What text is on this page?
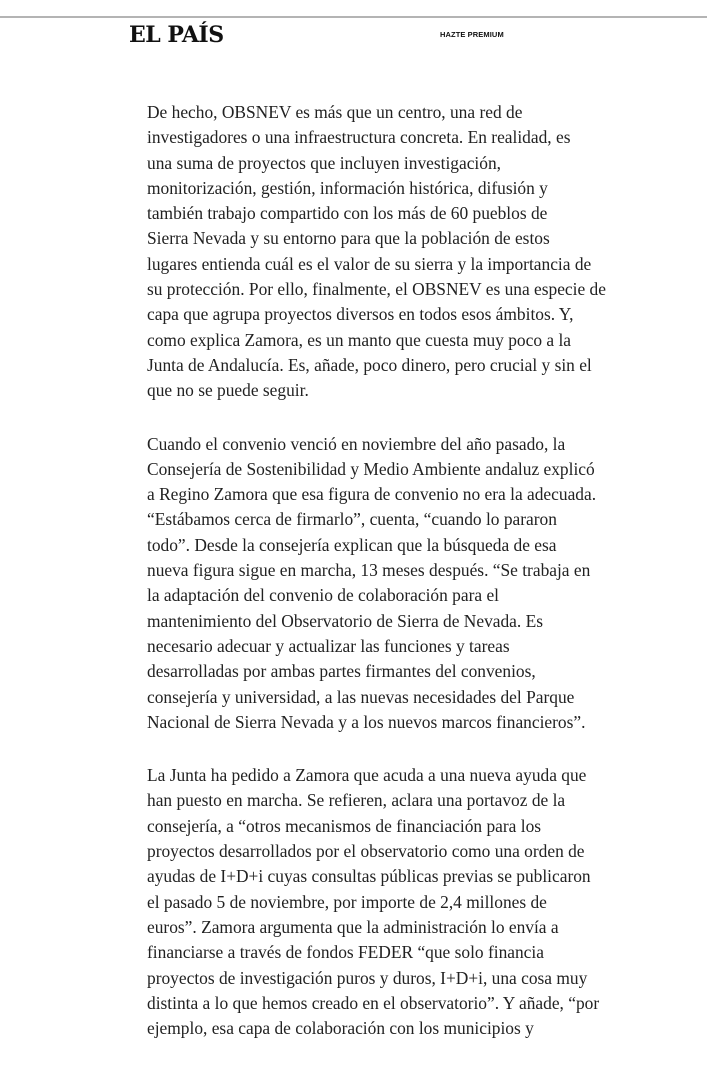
EL PAÍS	HAZTE PREMIUM

De hecho, OBSNEV es más que un centro, una red de
investigadores o una infraestructura concreta. En realidad, es
una suma de proyectos que incluyen investigación,
monitorización, gestión, información histórica, difusión y
también trabajo compartido con los más de 60 pueblos de
Sierra Nevada y su entorno para que la población de estos
lugares entienda cuál es el valor de su sierra y la importancia de
su protección. Por ello, finalmente, el OBSNEV es una especie de
capa que agrupa proyectos diversos en todos esos ámbitos. Y,
como explica Zamora, es un manto que cuesta muy poco a la
Junta de Andalucía. Es, añade, poco dinero, pero crucial y sin el
que no se puede seguir.

Cuando el convenio venció en noviembre del año pasado, la
Consejería de Sostenibilidad y Medio Ambiente andaluz explicó
a Regino Zamora que esa figura de convenio no era la adecuada.
“Estábamos cerca de firmarlo”, cuenta, “cuando lo pararon
todo”. Desde la consejería explican que la búsqueda de esa
nueva figura sigue en marcha, 13 meses después. “Se trabaja en
la adaptación del convenio de colaboración para el
mantenimiento del Observatorio de Sierra de Nevada. Es
necesario adecuar y actualizar las funciones y tareas
desarrolladas por ambas partes firmantes del convenios,
consejería y universidad, a las nuevas necesidades del Parque
Nacional de Sierra Nevada y a los nuevos marcos financieros”.

La Junta ha pedido a Zamora que acuda a una nueva ayuda que
han puesto en marcha. Se refieren, aclara una portavoz de la
consejería, a “otros mecanismos de financiación para los
proyectos desarrollados por el observatorio como una orden de
ayudas de I+D+i cuyas consultas públicas previas se publicaron
el pasado 5 de noviembre, por importe de 2,4 millones de
euros”. Zamora argumenta que la administración lo envía a
financiarse a través de fondos FEDER “que solo financia
proyectos de investigación puros y duros, I+D+i, una cosa muy
distinta a lo que hemos creado en el observatorio”. Y añade, “por
ejemplo, esa capa de colaboración con los municipios y
